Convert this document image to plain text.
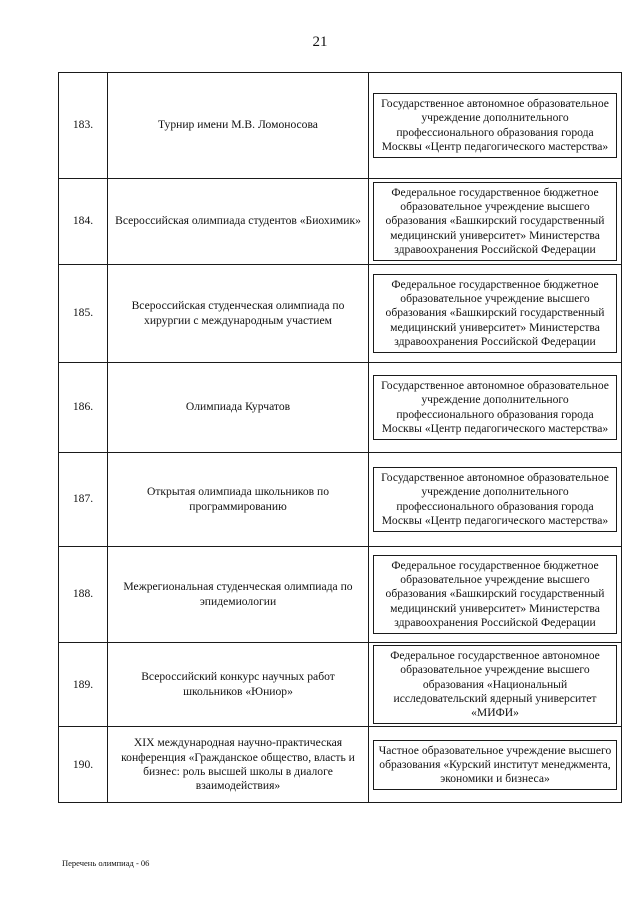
21
183.	Турнир имени М.В. Ломоносова	Государственное автономное образовательное учреждение дополнительного профессионального образования города Москвы «Центр педагогического мастерства»

184.	Всероссийская олимпиада студентов «Биохимик»	Федеральное государственное бюджетное образовательное учреждение высшего образования «Башкирский государственный медицинский университет» Министерства здравоохранения Российской Федерации

185.	Всероссийская студенческая олимпиада по хирургии с международным участием	Федеральное государственное бюджетное образовательное учреждение высшего образования «Башкирский государственный медицинский университет» Министерства здравоохранения Российской Федерации

186.	Олимпиада Курчатов	Государственное автономное образовательное учреждение дополнительного профессионального образования города Москвы «Центр педагогического мастерства»

187.	Открытая олимпиада школьников по программированию	Государственное автономное образовательное учреждение дополнительного профессионального образования города Москвы «Центр педагогического мастерства»

188.	Межрегиональная студенческая олимпиада по эпидемиологии	Федеральное государственное бюджетное образовательное учреждение высшего образования «Башкирский государственный медицинский университет» Министерства здравоохранения Российской Федерации

189.	Всероссийский конкурс научных работ школьников «Юниор»	Федеральное государственное автономное образовательное учреждение высшего образования «Национальный исследовательский ядерный университет «МИФИ»

190.	XIX международная научно-практическая конференция «Гражданское общество, власть и бизнес: роль высшей школы в диалоге взаимодействия»	Частное образовательное учреждение высшего образования «Курский институт менеджмента, экономики и бизнеса»
Перечень олимпиад - 06
